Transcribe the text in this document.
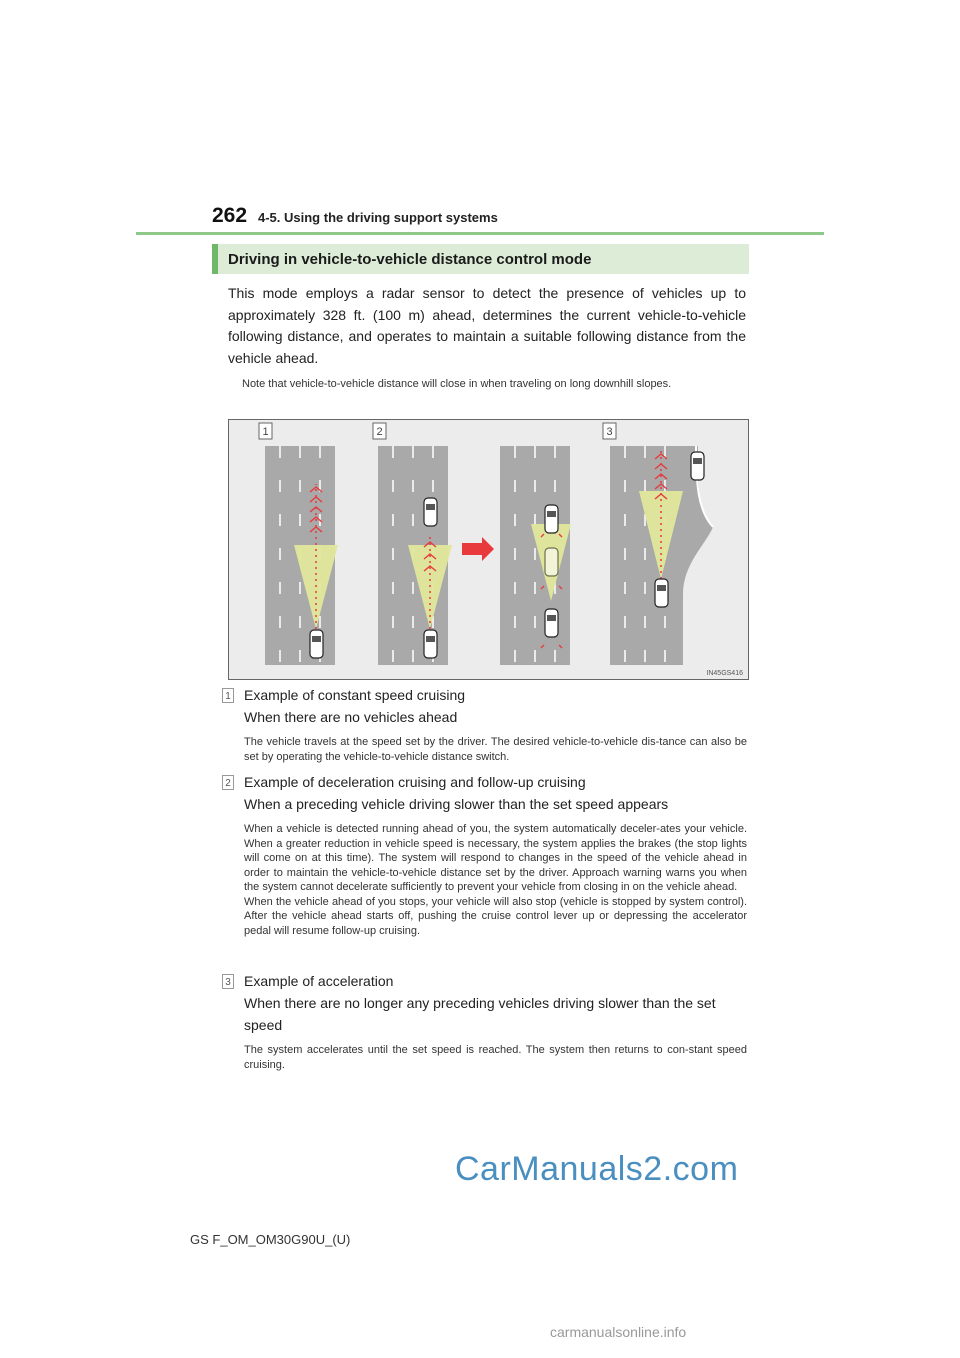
262 4-5. Using the driving support systems
Driving in vehicle-to-vehicle distance control mode
This mode employs a radar sensor to detect the presence of vehicles up to approximately 328 ft. (100 m) ahead, determines the current vehicle-to-vehicle following distance, and operates to maintain a suitable following distance from the vehicle ahead.
Note that vehicle-to-vehicle distance will close in when traveling on long downhill slopes.
1	2	3
IN45GS416
1 Example of constant speed cruising
When there are no vehicles ahead
The vehicle travels at the speed set by the driver. The desired vehicle-to-vehicle dis-tance can also be set by operating the vehicle-to-vehicle distance switch.
2 Example of deceleration cruising and follow-up cruising
When a preceding vehicle driving slower than the set speed appears
When a vehicle is detected running ahead of you, the system automatically deceler-ates your vehicle. When a greater reduction in vehicle speed is necessary, the system applies the brakes (the stop lights will come on at this time). The system will respond to changes in the speed of the vehicle ahead in order to maintain the vehicle-to-vehicle distance set by the driver. Approach warning warns you when the system cannot decelerate sufficiently to prevent your vehicle from closing in on the vehicle ahead.
When the vehicle ahead of you stops, your vehicle will also stop (vehicle is stopped by system control). After the vehicle ahead starts off, pushing the cruise control lever up or depressing the accelerator pedal will resume follow-up cruising.
3 Example of acceleration
When there are no longer any preceding vehicles driving slower than the set speed
The system accelerates until the set speed is reached. The system then returns to con-stant speed cruising.
CarManuals2.com
GS F_OM_OM30G90U_(U)
carmanualsonline.info
